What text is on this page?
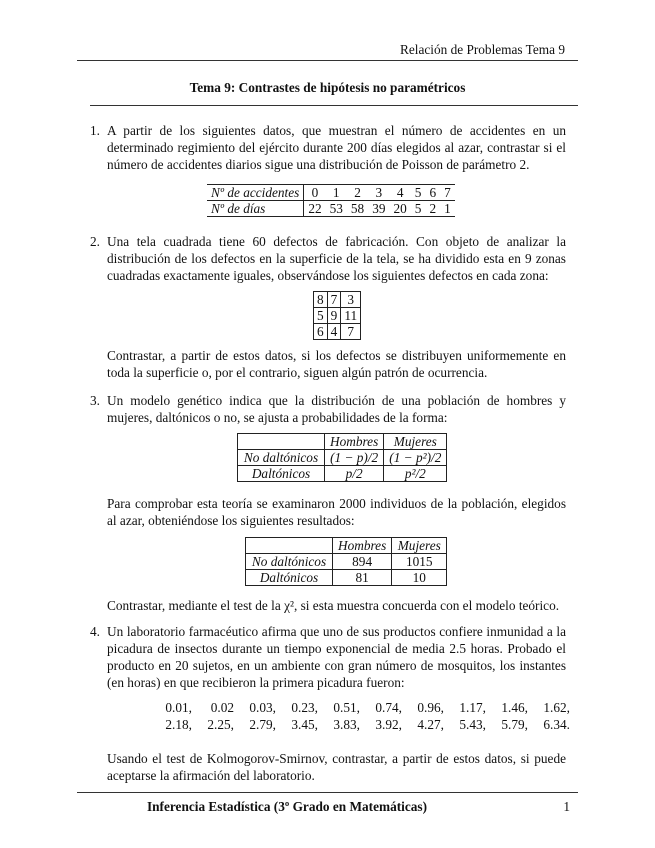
Relación de Problemas Tema 9
Tema 9: Contrastes de hipótesis no paramétricos
1. A partir de los siguientes datos, que muestran el número de accidentes en un determinado regimiento del ejército durante 200 días elegidos al azar, contrastar si el número de accidentes diarios sigue una distribución de Poisson de parámetro 2.
Nº de accidentes	0	1	2	3	4	5	6	7
Nº de días	22	53	58	39	20	5	2	1
2. Una tela cuadrada tiene 60 defectos de fabricación. Con objeto de analizar la distribución de los defectos en la superficie de la tela, se ha dividido esta en 9 zonas cuadradas exactamente iguales, observándose los siguientes defectos en cada zona:
8	7	3
5	9	11
6	4	7
Contrastar, a partir de estos datos, si los defectos se distribuyen uniformemente en toda la superficie o, por el contrario, siguen algún patrón de ocurrencia.
3. Un modelo genético indica que la distribución de una población de hombres y mujeres, daltónicos o no, se ajusta a probabilidades de la forma:
	Hombres	Mujeres
No daltónicos	(1 − p)/2	(1 − p²)/2
Daltónicos	p/2	p²/2
Para comprobar esta teoría se examinaron 2000 individuos de la población, elegidos al azar, obteniéndose los siguientes resultados:
	Hombres	Mujeres
No daltónicos	894	1015
Daltónicos	81	10
Contrastar, mediante el test de la χ², si esta muestra concuerda con el modelo teórico.
4. Un laboratorio farmacéutico afirma que uno de sus productos confiere inmunidad a la picadura de insectos durante un tiempo exponencial de media 2.5 horas. Probado el producto en 20 sujetos, en un ambiente con gran número de mosquitos, los instantes (en horas) en que recibieron la primera picadura fueron:
0.01, 0.02 0.03, 0.23, 0.51, 0.74, 0.96, 1.17, 1.46, 1.62,
2.18, 2.25, 2.79, 3.45, 3.83, 3.92, 4.27, 5.43, 5.79, 6.34.
Usando el test de Kolmogorov-Smirnov, contrastar, a partir de estos datos, si puede aceptarse la afirmación del laboratorio.
Inferencia Estadística (3º Grado en Matemáticas)	1
